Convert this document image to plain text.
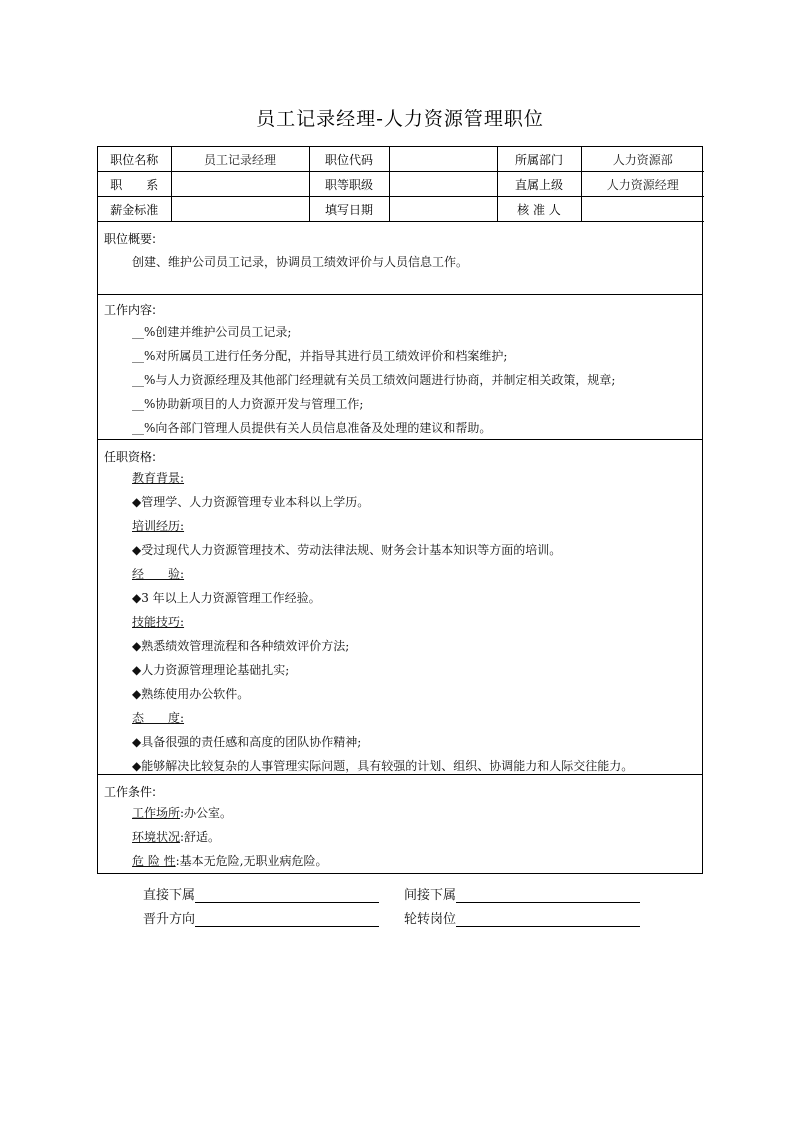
员工记录经理-人力资源管理职位
职位名称	员工记录经理	职位代码		所属部门	人力资源部
职　　系		职等职级		直属上级	人力资源经理
薪金标准		填写日期		核 准 人	
职位概要:
创建、维护公司员工记录，协调员工绩效评价与人员信息工作。
工作内容:
__%创建并维护公司员工记录;
__%对所属员工进行任务分配，并指导其进行员工绩效评价和档案维护;
__%与人力资源经理及其他部门经理就有关员工绩效问题进行协商，并制定相关政策，规章;
__%协助新项目的人力资源开发与管理工作;
__%向各部门管理人员提供有关人员信息准备及处理的建议和帮助。
任职资格:
教育背景:
◆管理学、人力资源管理专业本科以上学历。
培训经历:
◆受过现代人力资源管理技术、劳动法律法规、财务会计基本知识等方面的培训。
经　　验:
◆3 年以上人力资源管理工作经验。
技能技巧:
◆熟悉绩效管理流程和各种绩效评价方法;
◆人力资源管理理论基础扎实;
◆熟练使用办公软件。
态　　度:
◆具备很强的责任感和高度的团队协作精神;
◆能够解决比较复杂的人事管理实际问题，具有较强的计划、组织、协调能力和人际交往能力。
工作条件:
工作场所:办公室。
环境状况:舒适。
危 险 性:基本无危险,无职业病危险。
直接下属	间接下属
晋升方向	轮转岗位
